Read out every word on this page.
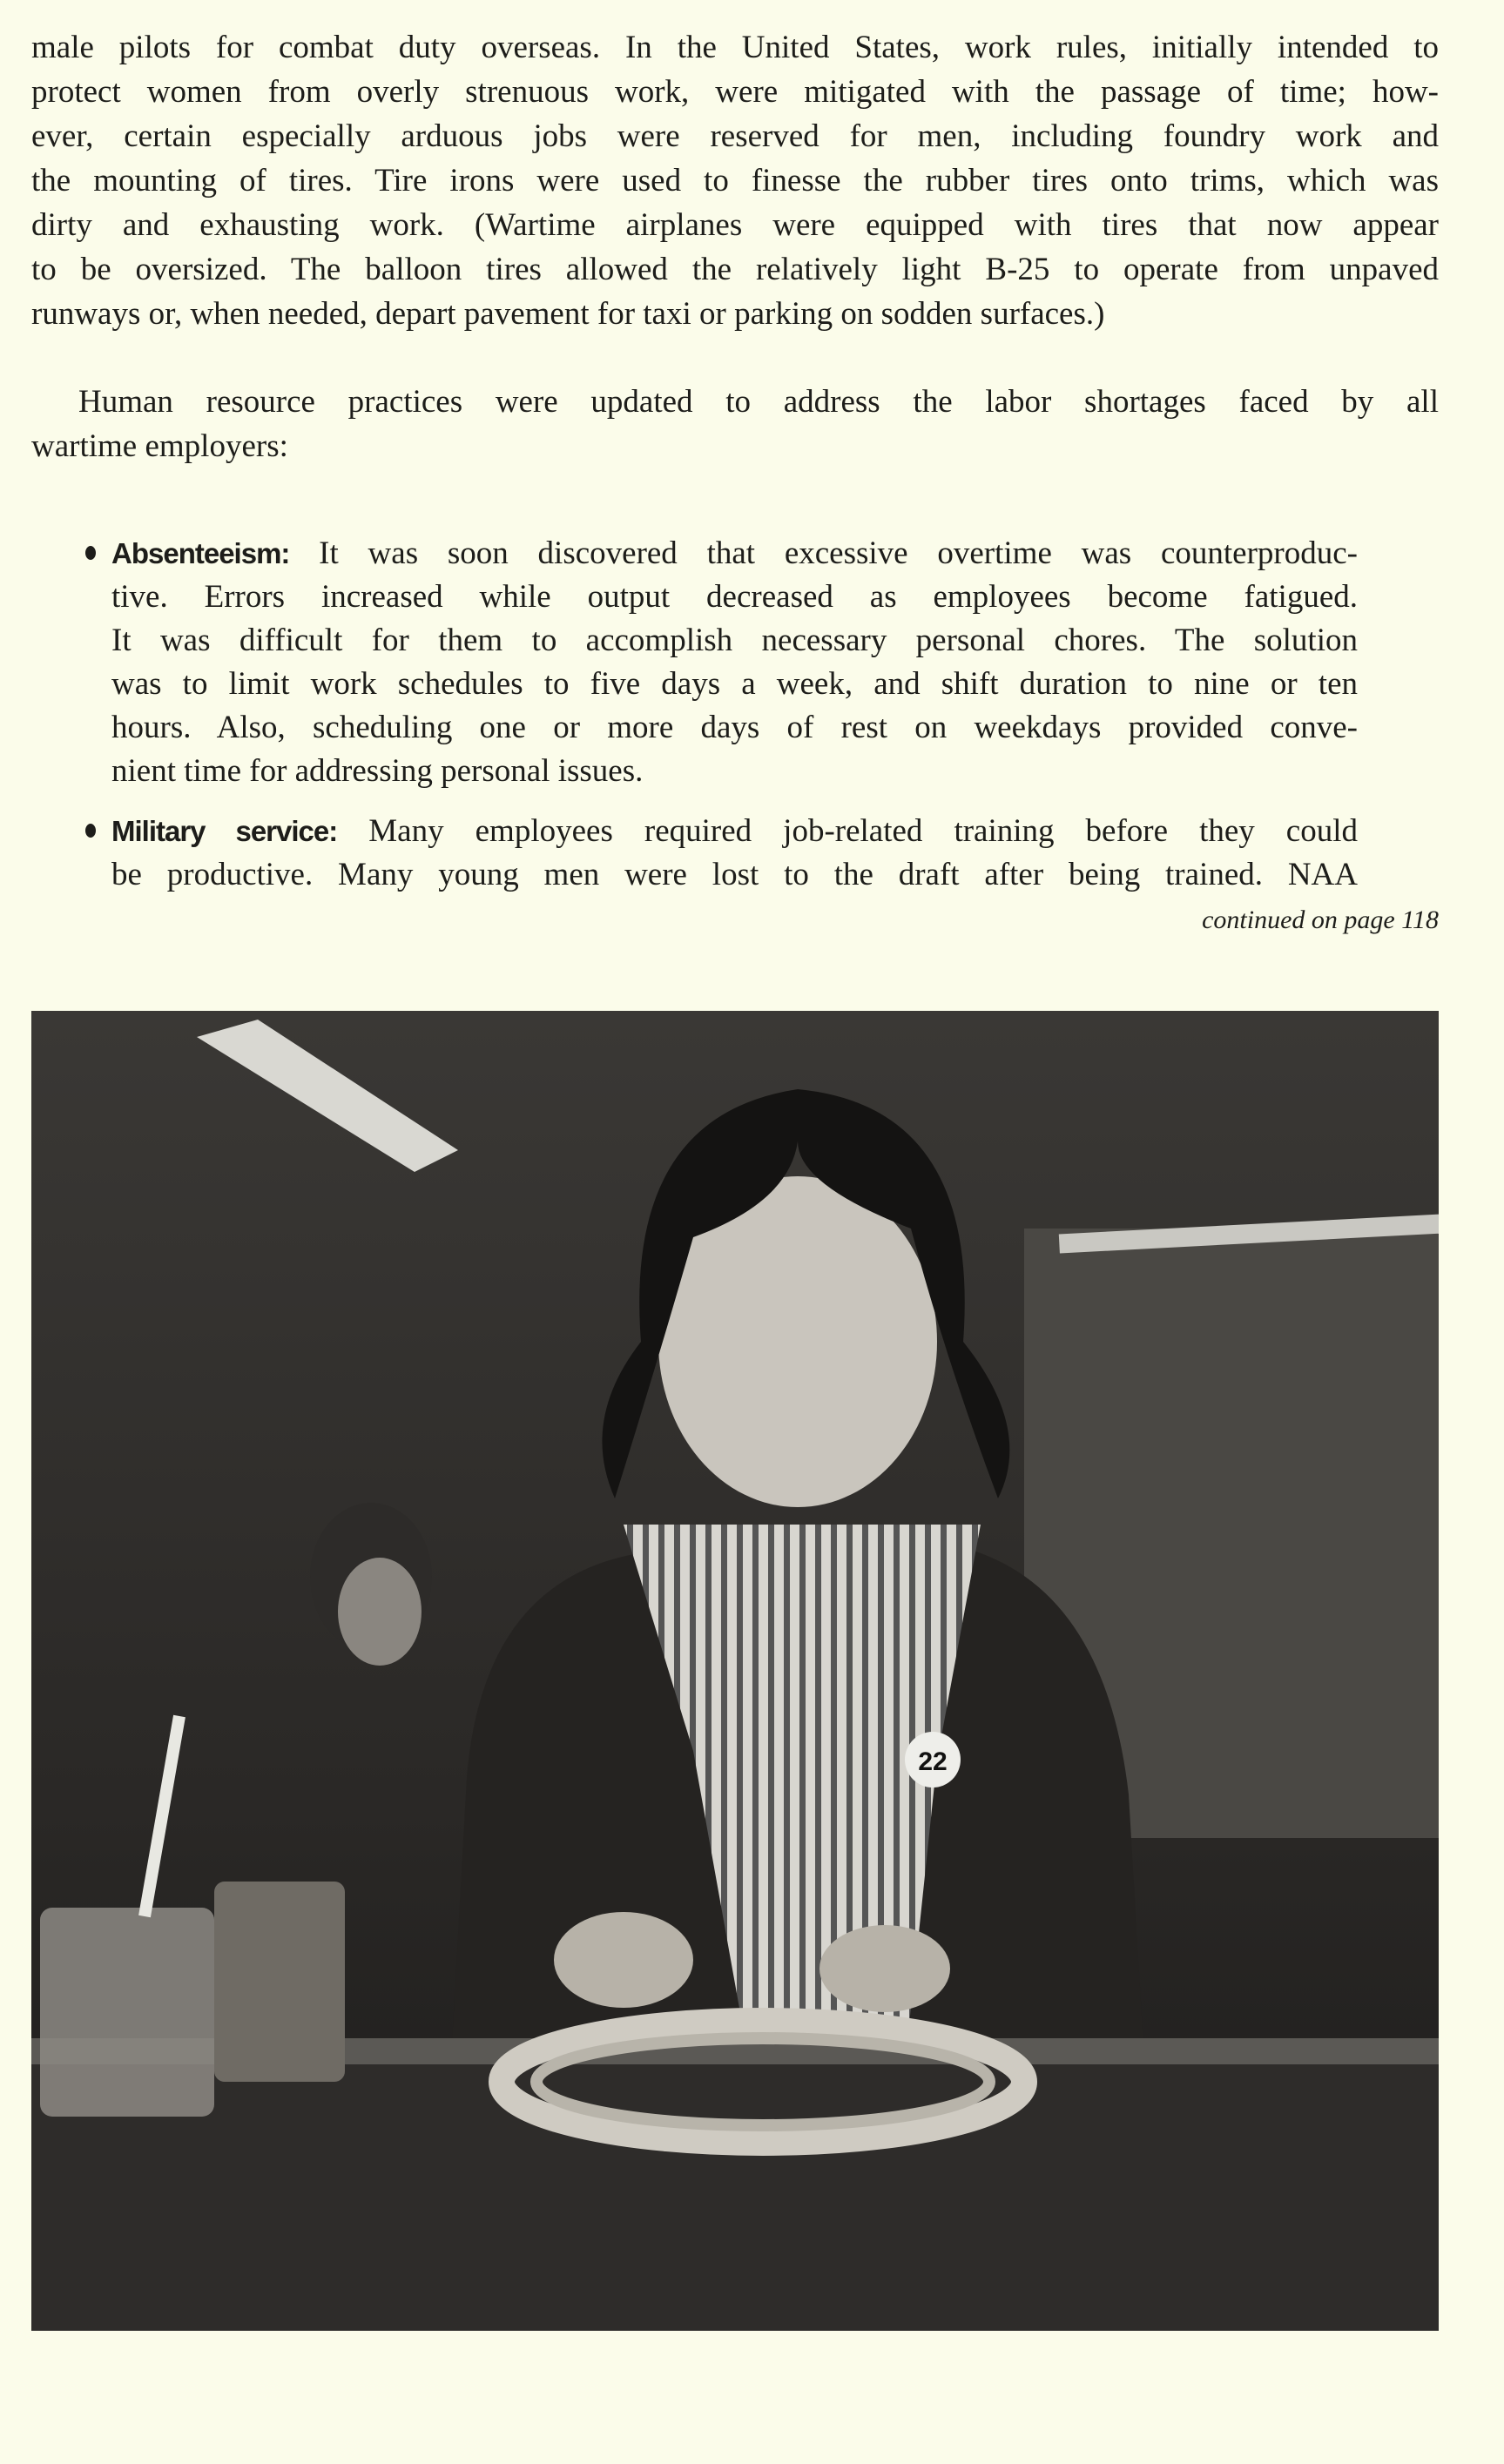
male pilots for combat duty overseas. In the United States, work rules, initially intended to
protect women from overly strenuous work, were mitigated with the passage of time; how-
ever, certain especially arduous jobs were reserved for men, including foundry work and
the mounting of tires. Tire irons were used to finesse the rubber tires onto trims, which was
dirty and exhausting work. (Wartime airplanes were equipped with tires that now appear
to be oversized. The balloon tires allowed the relatively light B-25 to operate from unpaved
runways or, when needed, depart pavement for taxi or parking on sodden surfaces.)
Human resource practices were updated to address the labor shortages faced by all
wartime employers:
Absenteeism: It was soon discovered that excessive overtime was counterproduc-
tive. Errors increased while output decreased as employees become fatigued.
It was difficult for them to accomplish necessary personal chores. The solution
was to limit work schedules to five days a week, and shift duration to nine or ten
hours. Also, scheduling one or more days of rest on weekdays provided conve-
nient time for addressing personal issues.
Military service: Many employees required job-related training before they could
be productive. Many young men were lost to the draft after being trained. NAA
continued on page 118
22
